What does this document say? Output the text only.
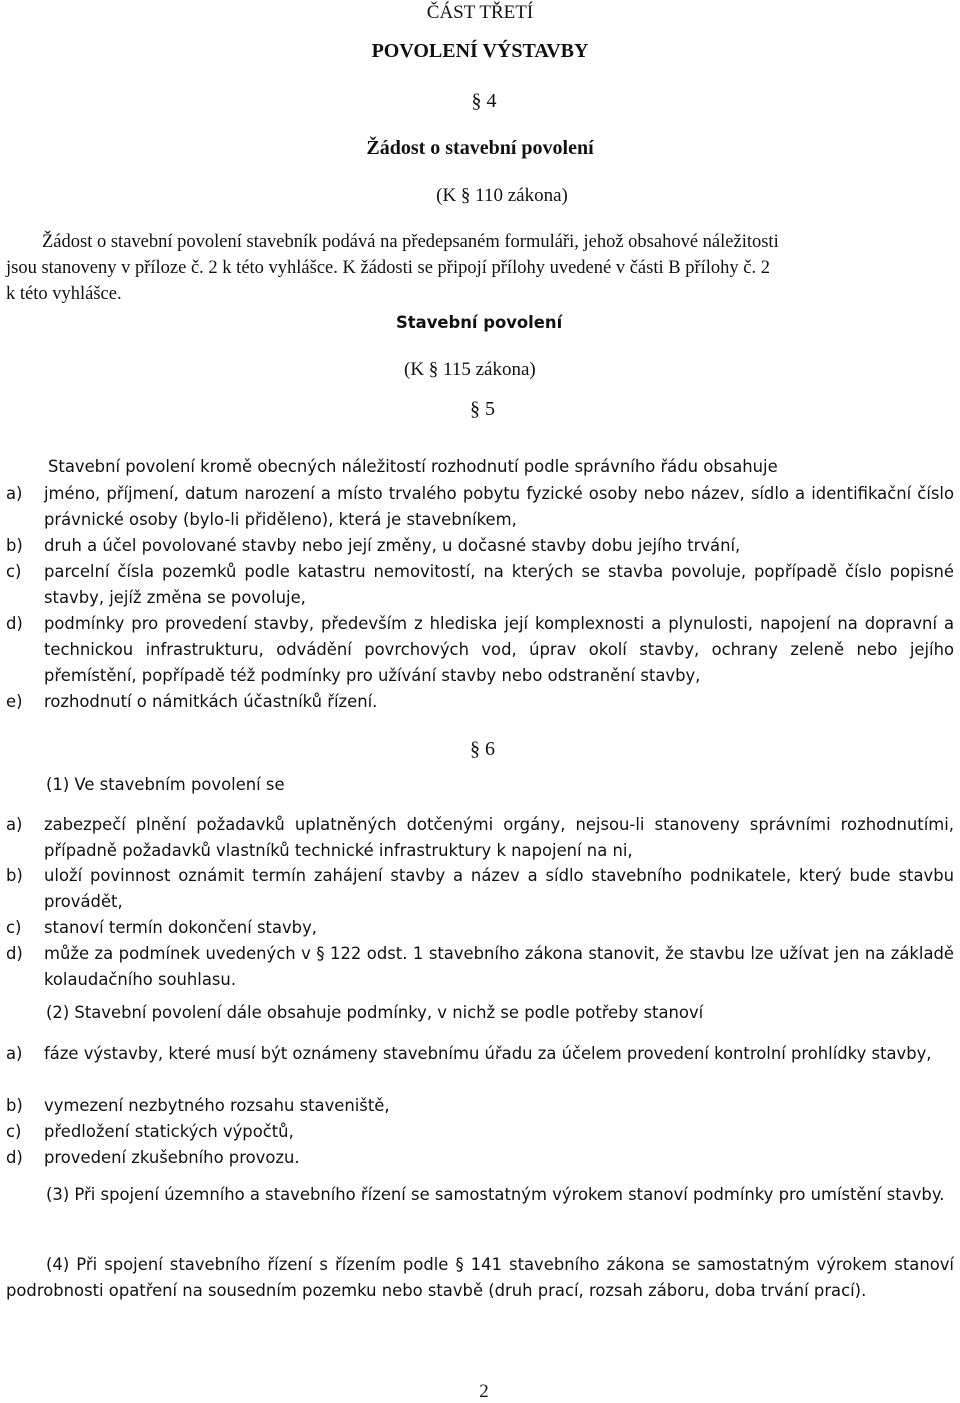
ČÁST TŘETÍ
POVOLENÍ VÝSTAVBY
§ 4
Žádost o stavební povolení
(K § 110 zákona)
Žádost o stavební povolení stavebník podává na předepsaném formuláři, jehož obsahové náležitosti
jsou stanoveny v příloze č. 2 k této vyhlášce. K žádosti se připojí přílohy uvedené v části B přílohy č. 2
k této vyhlášce.
Stavební povolení
(K § 115 zákona)
§ 5
Stavební povolení kromě obecných náležitostí rozhodnutí podle správního řádu obsahuje
a) jméno, příjmení, datum narození a místo trvalého pobytu fyzické osoby nebo název, sídlo a identifikační číslo právnické osoby (bylo-li přiděleno), která je stavebníkem,
b) druh a účel povolované stavby nebo její změny, u dočasné stavby dobu jejího trvání,
c) parcelní čísla pozemků podle katastru nemovitostí, na kterých se stavba povoluje, popřípadě číslo popisné stavby, jejíž změna se povoluje,
d) podmínky pro provedení stavby, především z hlediska její komplexnosti a plynulosti, napojení na dopravní a technickou infrastrukturu, odvádění povrchových vod, úprav okolí stavby, ochrany zeleně nebo jejího přemístění, popřípadě též podmínky pro užívání stavby nebo odstranění stavby,
e) rozhodnutí o námitkách účastníků řízení.
§ 6
(1) Ve stavebním povolení se
a) zabezpečí plnění požadavků uplatněných dotčenými orgány, nejsou-li stanoveny správními rozhodnutími, případně požadavků vlastníků technické infrastruktury k napojení na ni,
b) uloží povinnost oznámit termín zahájení stavby a název a sídlo stavebního podnikatele, který bude stavbu provádět,
c) stanoví termín dokončení stavby,
d) může za podmínek uvedených v § 122 odst. 1 stavebního zákona stanovit, že stavbu lze užívat jen na základě kolaudačního souhlasu.
(2) Stavební povolení dále obsahuje podmínky, v nichž se podle potřeby stanoví
a) fáze výstavby, které musí být oznámeny stavebnímu úřadu za účelem provedení kontrolní prohlídky stavby,
b) vymezení nezbytného rozsahu staveniště,
c) předložení statických výpočtů,
d) provedení zkušebního provozu.
(3) Při spojení územního a stavebního řízení se samostatným výrokem stanoví podmínky pro umístění stavby.
(4) Při spojení stavebního řízení s řízením podle § 141 stavebního zákona se samostatným výrokem stanoví podrobnosti opatření na sousedním pozemku nebo stavbě (druh prací, rozsah záboru, doba trvání prací).
2
